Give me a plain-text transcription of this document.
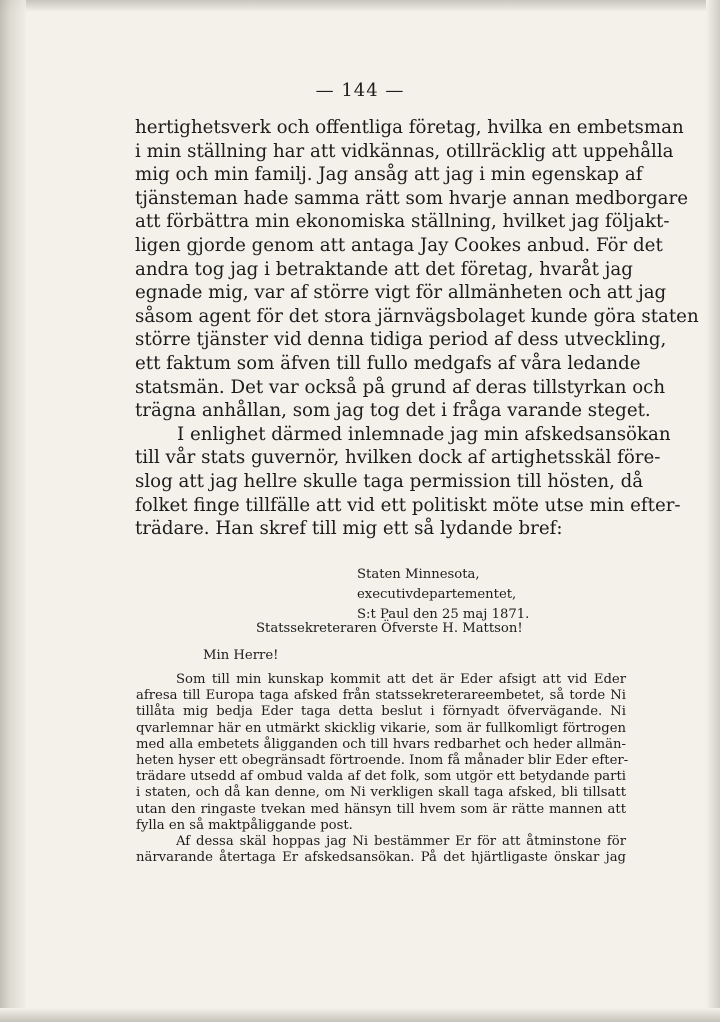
— 144 —

hertighetsverk och offentliga företag, hvilka en embetsman
i min ställning har att vidkännas, otillräcklig att uppehålla
mig och min familj. Jag ansåg att jag i min egenskap af
tjänsteman hade samma rätt som hvarje annan medborgare
att förbättra min ekonomiska ställning, hvilket jag följakt-
ligen gjorde genom att antaga Jay Cookes anbud. För det
andra tog jag i betraktande att det företag, hvaråt jag
egnade mig, var af större vigt för allmänheten och att jag
såsom agent för det stora järnvägsbolaget kunde göra staten
större tjänster vid denna tidiga period af dess utveckling,
ett faktum som äfven till fullo medgafs af våra ledande
statsmän. Det var också på grund af deras tillstyrkan och
trägna anhållan, som jag tog det i fråga varande steget.

I enlighet därmed inlemnade jag min afskedsansökan
till vår stats guvernör, hvilken dock af artighetsskäl före-
slog att jag hellre skulle taga permission till hösten, då
folket finge tillfälle att vid ett politiskt möte utse min efter-
trädare. Han skref till mig ett så lydande bref:

Staten Minnesota, executivdepartementet,
S:t Paul den 25 maj 1871.
Statssekreteraren Öfverste H. Mattson!
Min Herre!
Som till min kunskap kommit att det är Eder afsigt att vid Eder
afresa till Europa taga afsked från statssekreterareembetet, så torde Ni
tillåta mig bedja Eder taga detta beslut i förnyadt öfvervägande. Ni
qvarlemnar här en utmärkt skicklig vikarie, som är fullkomligt förtrogen
med alla embetets åligganden och till hvars redbarhet och heder allmän-
heten hyser ett obegränsadt förtroende. Inom få månader blir Eder efter-
trädare utsedd af ombud valda af det folk, som utgör ett betydande parti
i staten, och då kan denne, om Ni verkligen skall taga afsked, bli tillsatt
utan den ringaste tvekan med hänsyn till hvem som är rätte mannen att
fylla en så maktpåliggande post.
Af dessa skäl hoppas jag Ni bestämmer Er för att åtminstone för
närvarande återtaga Er afskedsansökan. På det hjärtligaste önskar jag
